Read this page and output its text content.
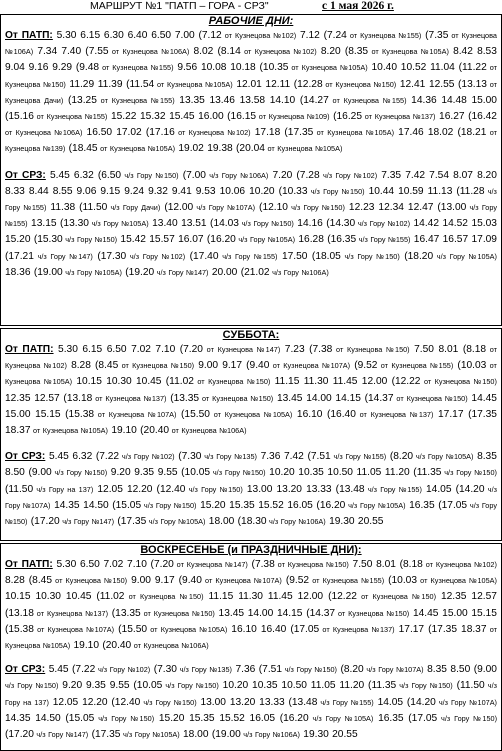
МАРШРУТ №1 "ПАТП – ГОРА - СРЗ"	с 1 мая 2026 г.
РАБОЧИЕ ДНИ:

От ПАТП: 5.30 6.15 6.30 6.40 6.50 7.00 (7.12 от Кузнецова №102) 7.12 (7.24 от Кузнецова №155) (7.35 от Кузнецова №106А) 7.34 7.40 (7.55 от Кузнецова №106А) 8.02 (8.14 от Кузнецова №102) 8.20 (8.35 от Кузнецова №105А) 8.42 8.53 9.04 9.16 9.29 (9.48 от Кузнецова №155) 9.56 10.08 10.18 (10.35 от Кузнецова №105А) 10.40 10.52 11.04 (11.22 от Кузнецова №150) 11.29 11.39 (11.54 от Кузнецова №105А) 12.01 12.11 (12.28 от Кузнецова №150) 12.41 12.55 (13.13 от Кузнецова Дачи) (13.25 от Кузнецова №155) 13.35 13.46 13.58 14.10 (14.27 от Кузнецова №155) 14.36 14.48 15.00 (15.16 от Кузнецова №155) 15.22 15.32 15.45 16.00 (16.15 от Кузнецова №109) (16.25 от Кузнецова №137) 16.27 (16.42 от Кузнецова №106А) 16.50 17.02 (17.16 от Кузнецова №102) 17.18 (17.35 от Кузнецова №105А) 17.46 18.02 (18.21 от Кузнецова №139) (18.45 от Кузнецова №105А) 19.02 19.38 (20.04 от Кузнецова №105А)

От СРЗ: 5.45 6.32 (6.50 ч/з Гору №150) (7.00 ч/з Гору №106А) 7.20 (7.28 ч/з Гору №102) 7.35 7.42 7.54 8.07 8.20 8.33 8.44 8.55 9.06 9.15 9.24 9.32 9.41 9.53 10.06 10.20 (10.33 ч/з Гору №150) 10.44 10.59 11.13 (11.28 ч/з Гору №155) 11.38 (11.50 ч/з Гору Дачи) (12.00 ч/з Гору №107А) (12.10 ч/з Гору №150) 12.23 12.34 12.47 (13.00 ч/з Гору №155) 13.15 (13.30 ч/з Гору №105А) 13.40 13.51 (14.03 ч/з Гору №150) 14.16 (14.30 ч/з Гору №102) 14.42 14.52 15.03 15.20 (15.30 ч/з Гору №150) 15.42 15.57 16.07 (16.20 ч/з Гору №105А) 16.28 (16.35 ч/з Гору №155) 16.47 16.57 17.09 (17.21 ч/з Гору №147) (17.30 ч/з Гору №102) (17.40 ч/з Гору №155) 17.50 (18.05 ч/з Гору №150) (18.20 ч/з Гору №105А) 18.36 (19.00 ч/з Гору №105А) (19.20 ч/з Гору №147) 20.00 (21.02 ч/з Гору №106А)

СУББОТА:

От ПАТП: 5.30 6.15 6.50 7.02 7.10 (7.20 от Кузнецова №147) 7.23 (7.38 от Кузнецова №150) 7.50 8.01 (8.18 от Кузнецова №102) 8.28 (8.45 от Кузнецова №150) 9.00 9.17 (9.40 от Кузнецова №107А) (9.52 от Кузнецова №155) (10.03 от Кузнецова №105А) 10.15 10.30 10.45 (11.02 от Кузнецова №150) 11.15 11.30 11.45 12.00 (12.22 от Кузнецова №150) 12.35 12.57 (13.18 от Кузнецова №137) (13.35 от Кузнецова №150) 13.45 14.00 14.15 (14.37 от Кузнецова №150) 14.45 15.00 15.15 (15.38 от Кузнецова №107А) (15.50 от Кузнецова №105А) 16.10 (16.40 от Кузнецова №137) 17.17 (17.35 18.37 от Кузнецова №105А) 19.10 (20.40 от Кузнецова №106А)

От СРЗ: 5.45 6.32 (7.22 ч/з Гору №102) (7.30 ч/з Гору №135) 7.36 7.42 (7.51 ч/з Гору №155) (8.20 ч/з Гору №105А) 8.35 8.50 (9.00 ч/з Гору №150) 9.20 9.35 9.55 (10.05 ч/з Гору №150) 10.20 10.35 10.50 11.05 11.20 (11.35 ч/з Гору №150) (11.50 ч/з Гору на 137) 12.05 12.20 (12.40 ч/з Гору №150) 13.00 13.20 13.33 (13.48 ч/з Гору №155) 14.05 (14.20 ч/з Гору №107А) 14.35 14.50 (15.05 ч/з Гору №150) 15.20 15.35 15.52 16.05 (16.20 ч/з Гору №105А) 16.35 (17.05 ч/з Гору №150) (17.20 ч/з Гору №147) (17.35 ч/з Гору №105А) 18.00 (18.30 ч/з Гору №106А) 19.30 20.55

ВОСКРЕСЕНЬЕ (и ПРАЗДНИЧНЫЕ ДНИ):

От ПАТП: 5.30 6.50 7.02 7.10 (7.20 от Кузнецова №147) (7.38 от Кузнецова №150) 7.50 8.01 (8.18 от Кузнецова №102) 8.28 (8.45 от Кузнецова №150) 9.00 9.17 (9.40 от Кузнецова №107А) (9.52 от Кузнецова №155) (10.03 от Кузнецова №105А) 10.15 10.30 10.45 (11.02 от Кузнецова №150) 11.15 11.30 11.45 12.00 (12.22 от Кузнецова №150) 12.35 12.57 (13.18 от Кузнецова №137) (13.35 от Кузнецова №150) 13.45 14.00 14.15 (14.37 от Кузнецова №150) 14.45 15.00 15.15 (15.38 от Кузнецова №107А) (15.50 от Кузнецова №105А) 16.10 16.40 (17.05 от Кузнецова №137) 17.17 (17.35 18.37 от Кузнецова №105А) 19.10 (20.40 от Кузнецова №106А)

От СРЗ: 5.45 (7.22 ч/з Гору №102) (7.30 ч/з Гору №135) 7.36 (7.51 ч/з Гору №150) (8.20 ч/з Гору №107А) 8.35 8.50 (9.00 ч/з Гору №150) 9.20 9.35 9.55 (10.05 ч/з Гору №150) 10.20 10.35 10.50 11.05 11.20 (11.35 ч/з Гору №150) (11.50 ч/з Гору на 137) 12.05 12.20 (12.40 ч/з Гору №150) 13.00 13.20 13.33 (13.48 ч/з Гору №155) 14.05 (14.20 ч/з Гору №107А) 14.35 14.50 (15.05 ч/з Гору №150) 15.20 15.35 15.52 16.05 (16.20 ч/з Гору №105А) 16.35 (17.05 ч/з Гору №150) (17.20 ч/з Гору №147) (17.35 ч/з Гору №105А) 18.00 (19.00 ч/з Гору №106А) 19.30 20.55
